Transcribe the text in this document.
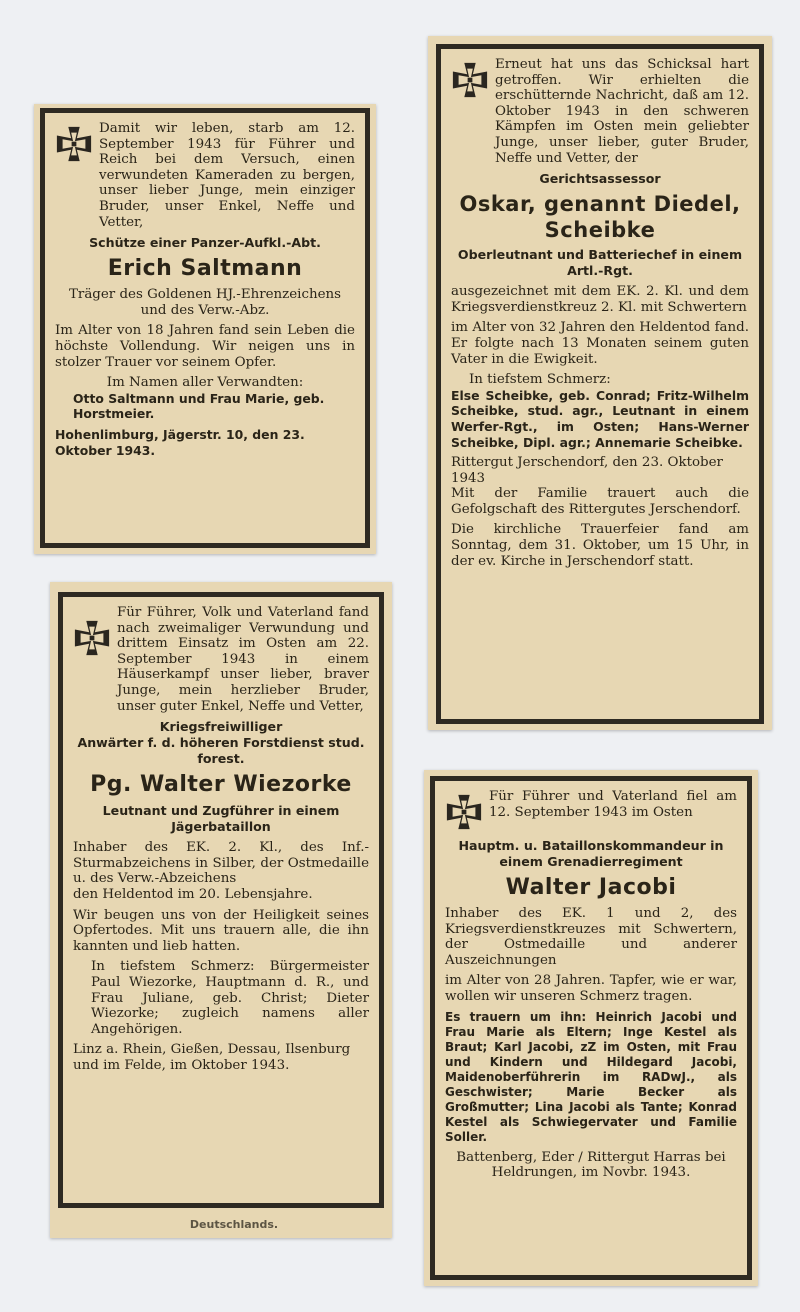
Damit wir leben, starb am 12. September 1943 für Führer und Reich bei dem Versuch, einen verwundeten Kameraden zu bergen, unser lieber Junge, mein einziger Bruder, unser Enkel, Neffe und Vetter,

Schütze einer Panzer-Aufkl.-Abt.

Erich Saltmann

Träger des Goldenen HJ.-Ehrenzeichens und des Verw.-Abz.

Im Alter von 18 Jahren fand sein Leben die höchste Vollendung. Wir neigen uns in stolzer Trauer vor seinem Opfer.

Im Namen aller Verwandten:

Otto Saltmann und Frau Marie, geb. Horstmeier.

Hohenlimburg, Jägerstr. 10, den 23. Oktober 1943.

Erneut hat uns das Schicksal hart getroffen. Wir erhielten die erschütternde Nachricht, daß am 12. Oktober 1943 in den schweren Kämpfen im Osten mein geliebter Junge, unser lieber, guter Bruder, Neffe und Vetter, der

Gerichtsassessor

Oskar, genannt Diedel, Scheibke

Oberleutnant und Batteriechef in einem Artl.-Rgt.

ausgezeichnet mit dem EK. 2. Kl. und dem Kriegsverdienstkreuz 2. Kl. mit Schwertern

im Alter von 32 Jahren den Heldentod fand. Er folgte nach 13 Monaten seinem guten Vater in die Ewigkeit.

In tiefstem Schmerz:

Else Scheibke, geb. Conrad; Fritz-Wilhelm Scheibke, stud. agr., Leutnant in einem Werfer-Rgt., im Osten; Hans-Werner Scheibke, Dipl. agr.; Annemarie Scheibke.

Rittergut Jerschendorf, den 23. Oktober 1943

Mit der Familie trauert auch die Gefolgschaft des Rittergutes Jerschendorf.

Die kirchliche Trauerfeier fand am Sonntag, dem 31. Oktober, um 15 Uhr, in der ev. Kirche in Jerschendorf statt.

Für Führer, Volk und Vaterland fand nach zweimaliger Verwundung und drittem Einsatz im Osten am 22. September 1943 in einem Häuserkampf unser lieber, braver Junge, mein herzlieber Bruder, unser guter Enkel, Neffe und Vetter,

Kriegsfreiwilliger

Anwärter f. d. höheren Forstdienst stud. forest.

Pg. Walter Wiezorke

Leutnant und Zugführer in einem Jägerbataillon

Inhaber des EK. 2. Kl., des Inf.-Sturmabzeichens in Silber, der Ostmedaille u. des Verw.-Abzeichens

den Heldentod im 20. Lebensjahre.

Wir beugen uns von der Heiligkeit seines Opfertodes. Mit uns trauern alle, die ihn kannten und lieb hatten.

In tiefstem Schmerz: Bürgermeister Paul Wiezorke, Hauptmann d. R., und Frau Juliane, geb. Christ; Dieter Wiezorke; zugleich namens aller Angehörigen.

Linz a. Rhein, Gießen, Dessau, Ilsenburg und im Felde, im Oktober 1943.

Deutschlands.

Für Führer und Vaterland fiel am 12. September 1943 im Osten

Hauptm. u. Bataillonskommandeur in einem Grenadierregiment

Walter Jacobi

Inhaber des EK. 1 und 2, des Kriegsverdienstkreuzes mit Schwertern, der Ostmedaille und anderer Auszeichnungen

im Alter von 28 Jahren. Tapfer, wie er war, wollen wir unseren Schmerz tragen.

Es trauern um ihn: Heinrich Jacobi und Frau Marie als Eltern; Inge Kestel als Braut; Karl Jacobi, zZ im Osten, mit Frau und Kindern und Hildegard Jacobi, Maidenoberführerin im RADwJ., als Geschwister; Marie Becker als Großmutter; Lina Jacobi als Tante; Konrad Kestel als Schwiegervater und Familie Soller.

Battenberg, Eder / Rittergut Harras bei Heldrungen, im Novbr. 1943.
